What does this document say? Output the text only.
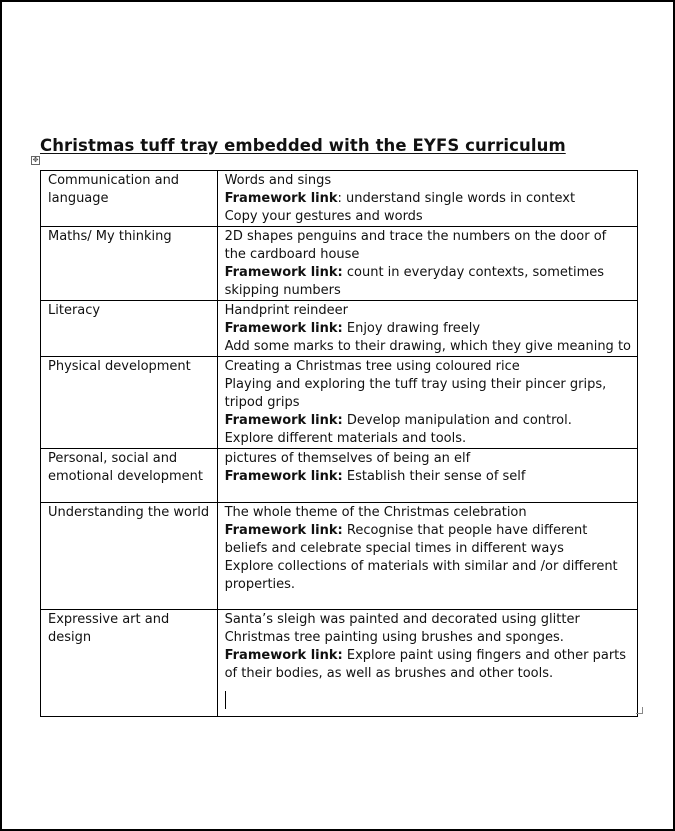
Christmas tuff tray embedded with the EYFS curriculum
✥
Communication and language	Words and sings
Framework link: understand single words in context
Copy your gestures and words

Maths/ My thinking	2D shapes penguins and trace the numbers on the door of the cardboard house
Framework link: count in everyday contexts, sometimes skipping numbers

Literacy	Handprint reindeer
Framework link: Enjoy drawing freely
Add some marks to their drawing, which they give meaning to

Physical development	Creating a Christmas tree using coloured rice
Playing and exploring the tuff tray using their pincer grips, tripod grips
Framework link: Develop manipulation and control.
Explore different materials and tools.

Personal, social and emotional development	pictures of themselves of being an elf
Framework link: Establish their sense of self

Understanding the world	The whole theme of the Christmas celebration
Framework link: Recognise that people have different beliefs and celebrate special times in different ways
Explore collections of materials with similar and /or different properties.

Expressive art and design	Santa’s sleigh was painted and decorated using glitter
Christmas tree painting using brushes and sponges.
Framework link: Explore paint using fingers and other parts of their bodies, as well as brushes and other tools.
